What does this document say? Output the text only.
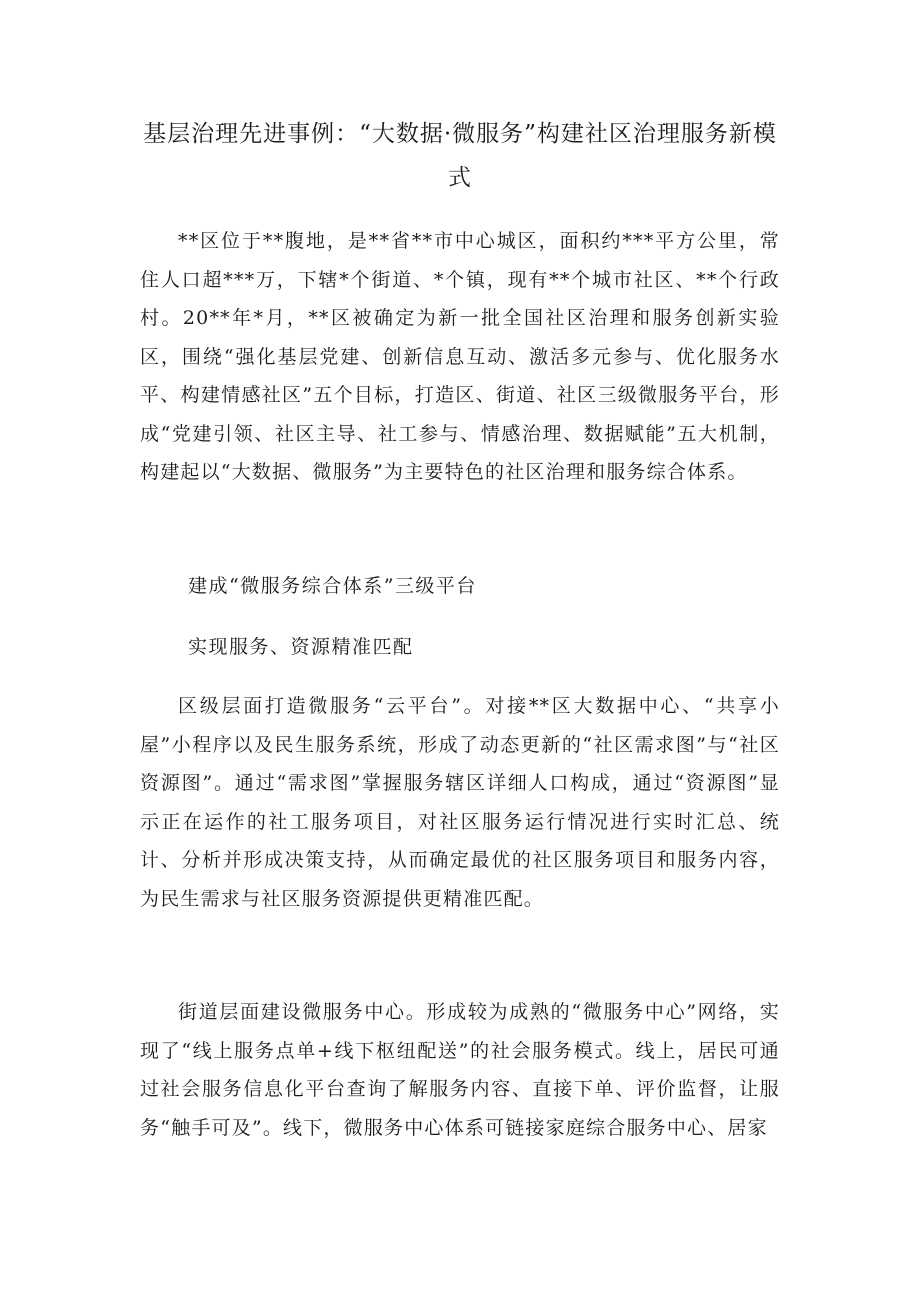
基层治理先进事例：“大数据·微服务”构建社区治理服务新模式

**区位于**腹地，是**省**市中心城区，面积约***平方公里，常住人口超***万，下辖*个街道、*个镇，现有**个城市社区、**个行政村。20**年*月，**区被确定为新一批全国社区治理和服务创新实验区，围绕“强化基层党建、创新信息互动、激活多元参与、优化服务水平、构建情感社区”五个目标，打造区、街道、社区三级微服务平台，形成“党建引领、社区主导、社工参与、情感治理、数据赋能”五大机制，构建起以“大数据、微服务”为主要特色的社区治理和服务综合体系。

建成“微服务综合体系”三级平台

实现服务、资源精准匹配

区级层面打造微服务“云平台”。对接**区大数据中心、“共享小屋”小程序以及民生服务系统，形成了动态更新的“社区需求图”与“社区资源图”。通过“需求图”掌握服务辖区详细人口构成，通过“资源图”显示正在运作的社工服务项目，对社区服务运行情况进行实时汇总、统计、分析并形成决策支持，从而确定最优的社区服务项目和服务内容，为民生需求与社区服务资源提供更精准匹配。

街道层面建设微服务中心。形成较为成熟的“微服务中心”网络，实现了“线上服务点单+线下枢纽配送”的社会服务模式。线上，居民可通过社会服务信息化平台查询了解服务内容、直接下单、评价监督，让服务“触手可及”。线下，微服务中心体系可链接家庭综合服务中心、居家
